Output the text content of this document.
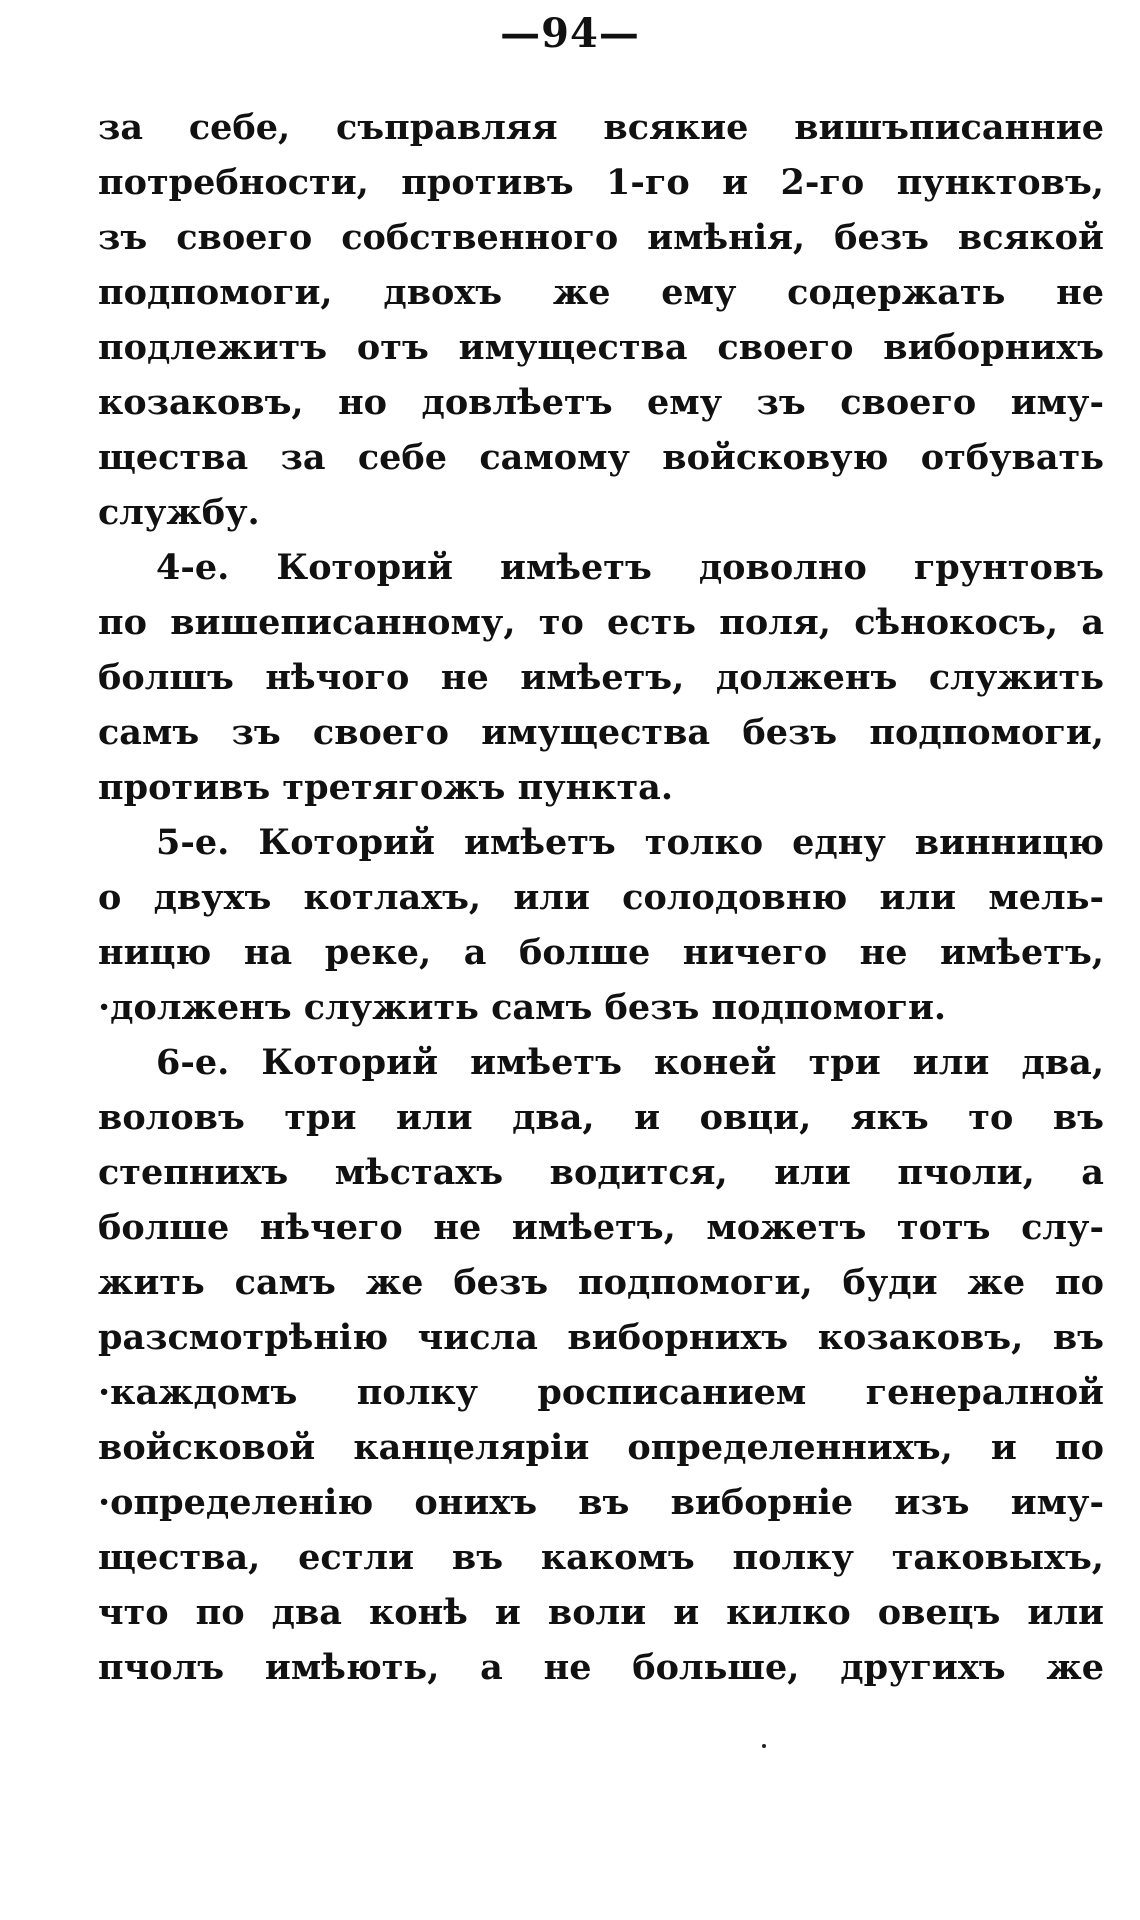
—94—
за себе, съправляя всякие вишъписанние
потребности, противъ 1-го и 2-го пунктовъ,
зъ своего собственного имѣнія, безъ всякой
подпомоги, двохъ же ему содержать не
подлежитъ отъ имущества своего виборнихъ
козаковъ, но довлѣетъ ему зъ своего иму-
щества за себе самому войсковую отбувать
службу.
4-е. Которий имѣетъ доволно грунтовъ
по вишеписанному, то есть поля, сѣнокосъ, а
болшъ нѣчого не имѣетъ, долженъ служить
самъ зъ своего имущества безъ подпомоги,
противъ третягожъ пункта.
5-е. Которий имѣетъ толко едну винницю
о двухъ котлахъ, или солодовню или мель-
ницю на реке, а болше ничего не имѣетъ,
·долженъ служить самъ безъ подпомоги.
6-е. Которий имѣетъ коней три или два,
воловъ три или два, и овци, якъ то въ
степнихъ мѣстахъ водится, или пчоли, а
болше нѣчего не имѣетъ, можетъ тотъ слу-
жить самъ же безъ подпомоги, буди же по
разсмотрѣнію числа виборнихъ козаковъ, въ
·каждомъ полку росписанием генералной
войсковой канцеляріи определеннихъ, и по
·определенію онихъ въ виборніе изъ иму-
щества, естли въ какомъ полку таковыхъ,
что по два конѣ и воли и килко овецъ или
пчолъ имѣють, а не больше, другихъ же
